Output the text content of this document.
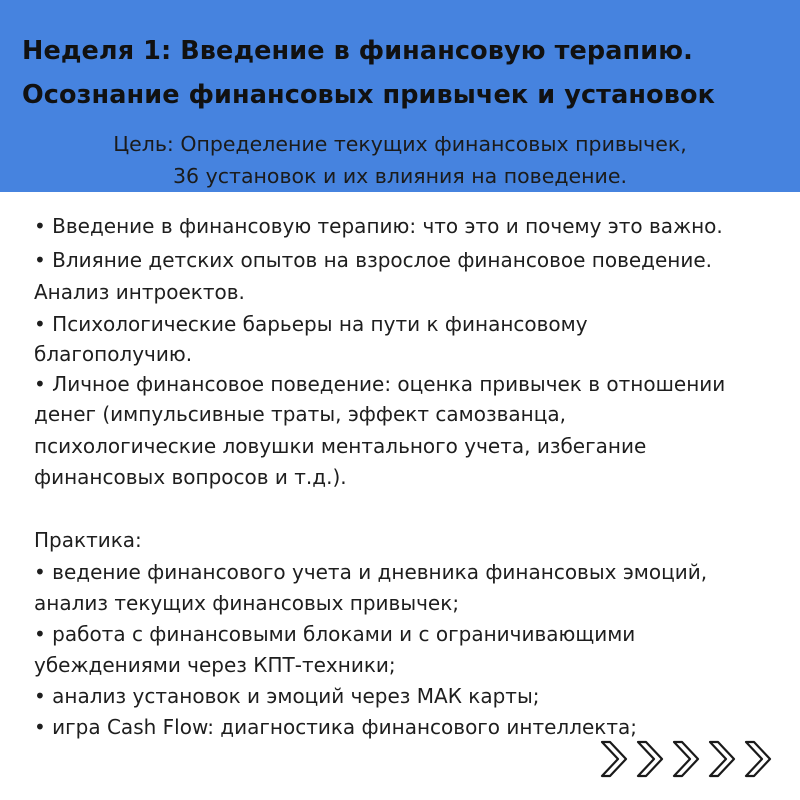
Неделя 1: Введение в финансовую терапию.
Осознание финансовых привычек и установок
Цель: Определение текущих финансовых привычек,
36 установок и их влияния на поведение.
• Введение в финансовую терапию: что это и почему это важно.
• Влияние детских опытов на взрослое финансовое поведение.
Анализ интроектов.
• Психологические барьеры на пути к финансовому
благополучию.
• Личное финансовое поведение: оценка привычек в отношении
денег (импульсивные траты, эффект самозванца,
психологические ловушки ментального учета, избегание
финансовых вопросов и т.д.).
Практика:
• ведение финансового учета и дневника финансовых эмоций,
анализ текущих финансовых привычек;
• работа с финансовыми блоками и с ограничивающими
убеждениями через КПТ-техники;
• анализ установок и эмоций через МАК карты;
• игра Cash Flow: диагностика финансового интеллекта;
